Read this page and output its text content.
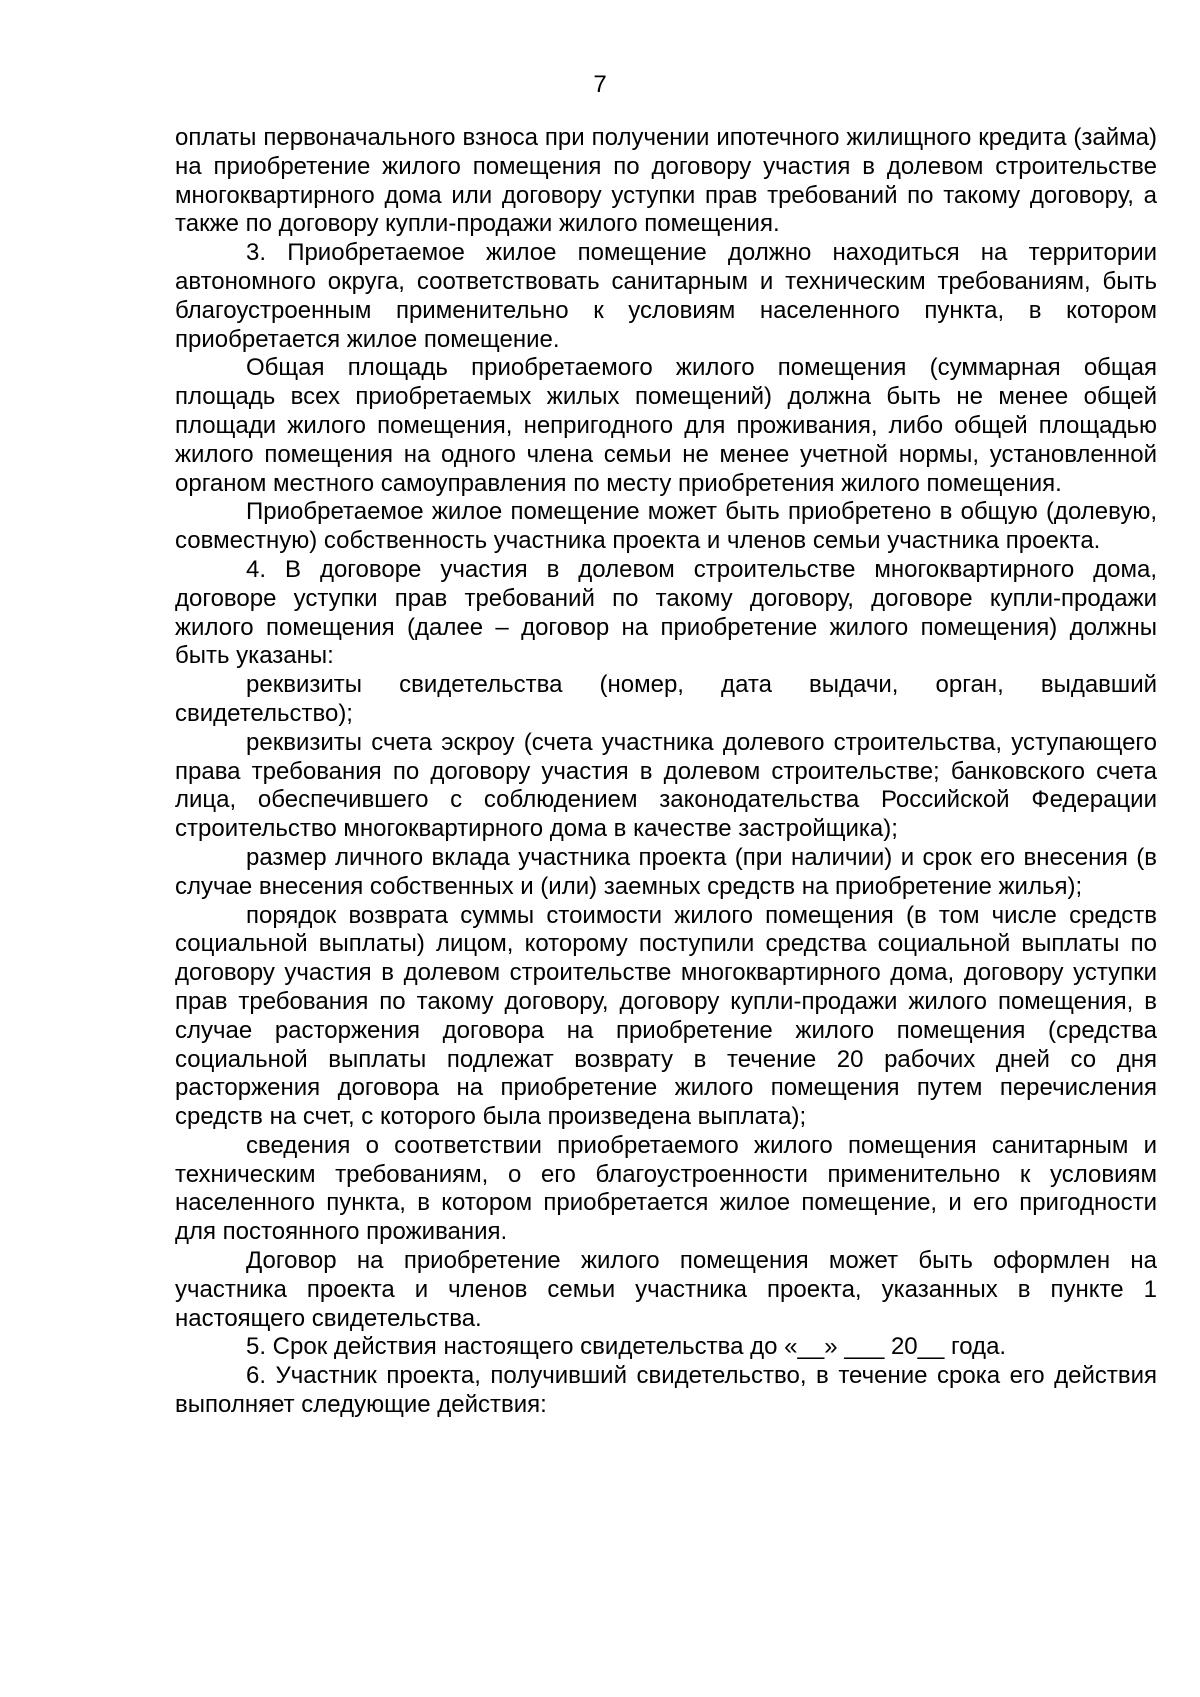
7

оплаты первоначального взноса при получении ипотечного жилищного кредита (займа) на приобретение жилого помещения по договору участия в долевом строительстве многоквартирного дома или договору уступки прав требований по такому договору, а также по договору купли-продажи жилого помещения.

3. Приобретаемое жилое помещение должно находиться на территории автономного округа, соответствовать санитарным и техническим требованиям, быть благоустроенным применительно к условиям населенного пункта, в котором приобретается жилое помещение.

Общая площадь приобретаемого жилого помещения (суммарная общая площадь всех приобретаемых жилых помещений) должна быть не менее общей площади жилого помещения, непригодного для проживания, либо общей площадью жилого помещения на одного члена семьи не менее учетной нормы, установленной органом местного самоуправления по месту приобретения жилого помещения.

Приобретаемое жилое помещение может быть приобретено в общую (долевую, совместную) собственность участника проекта и членов семьи участника проекта.

4. В договоре участия в долевом строительстве многоквартирного дома, договоре уступки прав требований по такому договору, договоре купли-продажи жилого помещения (далее – договор на приобретение жилого помещения) должны быть указаны:

реквизиты свидетельства (номер, дата выдачи, орган, выдавший свидетельство);

реквизиты счета эскроу (счета участника долевого строительства, уступающего права требования по договору участия в долевом строительстве; банковского счета лица, обеспечившего с соблюдением законодательства Российской Федерации строительство многоквартирного дома в качестве застройщика);

размер личного вклада участника проекта (при наличии) и срок его внесения (в случае внесения собственных и (или) заемных средств на приобретение жилья);

порядок возврата суммы стоимости жилого помещения (в том числе средств социальной выплаты) лицом, которому поступили средства социальной выплаты по договору участия в долевом строительстве многоквартирного дома, договору уступки прав требования по такому договору, договору купли-продажи жилого помещения, в случае расторжения договора на приобретение жилого помещения (средства социальной выплаты подлежат возврату в течение 20 рабочих дней со дня расторжения договора на приобретение жилого помещения путем перечисления средств на счет, с которого была произведена выплата);

сведения о соответствии приобретаемого жилого помещения санитарным и техническим требованиям, о его благоустроенности применительно к условиям населенного пункта, в котором приобретается жилое помещение, и его пригодности для постоянного проживания.

Договор на приобретение жилого помещения может быть оформлен на участника проекта и членов семьи участника проекта, указанных в пункте 1 настоящего свидетельства.

5. Срок действия настоящего свидетельства до «__» ___ 20__ года.

6. Участник проекта, получивший свидетельство, в течение срока его действия выполняет следующие действия:
